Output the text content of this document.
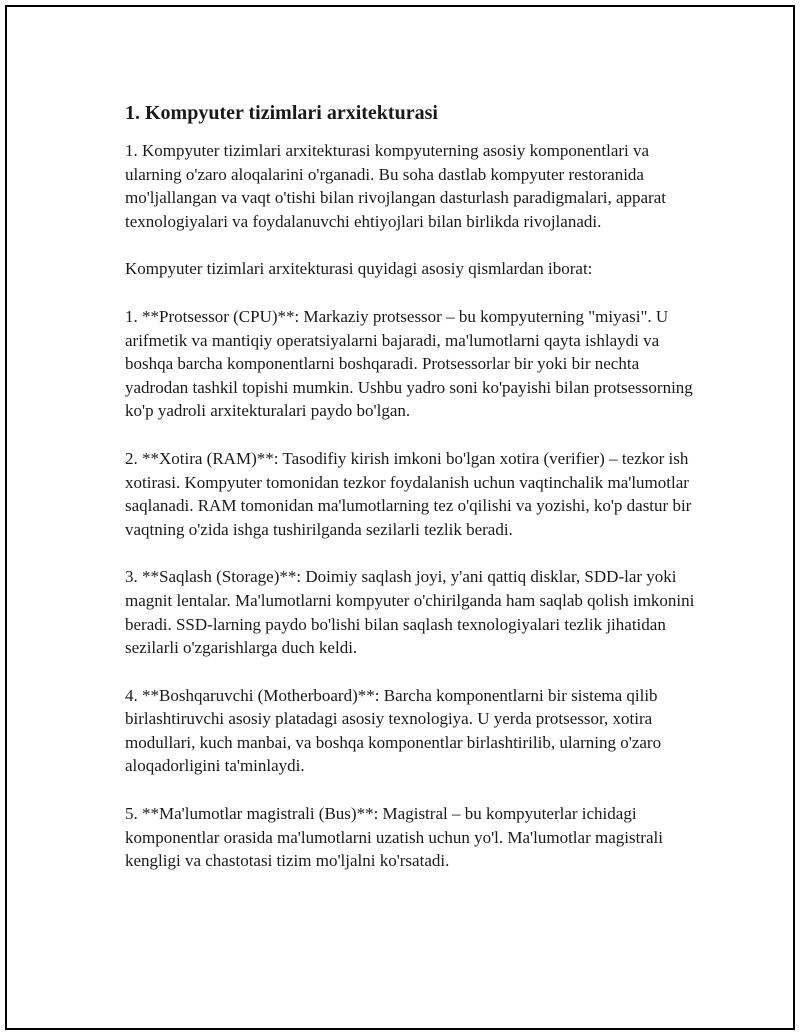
1. Kompyuter tizimlari arxitekturasi

1. Kompyuter tizimlari arxitekturasi kompyuterning asosiy komponentlari va ularning o'zaro aloqalarini o'rganadi. Bu soha dastlab kompyuter restoranida mo'ljallangan va vaqt o'tishi bilan rivojlangan dasturlash paradigmalari, apparat texnologiyalari va foydalanuvchi ehtiyojlari bilan birlikda rivojlanadi.

Kompyuter tizimlari arxitekturasi quyidagi asosiy qismlardan iborat:

1. **Protsessor (CPU)**: Markaziy protsessor – bu kompyuterning "miyasi". U arifmetik va mantiqiy operatsiyalarni bajaradi, ma'lumotlarni qayta ishlaydi va boshqa barcha komponentlarni boshqaradi. Protsessorlar bir yoki bir nechta yadrodan tashkil topishi mumkin. Ushbu yadro soni ko'payishi bilan protsessorning ko'p yadroli arxitekturalari paydo bo'lgan.

2. **Xotira (RAM)**: Tasodifiy kirish imkoni bo'lgan xotira (verifier) – tezkor ish xotirasi. Kompyuter tomonidan tezkor foydalanish uchun vaqtinchalik ma'lumotlar saqlanadi. RAM tomonidan ma'lumotlarning tez o'qilishi va yozishi, ko'p dastur bir vaqtning o'zida ishga tushirilganda sezilarli tezlik beradi.

3. **Saqlash (Storage)**: Doimiy saqlash joyi, y'ani qattiq disklar, SDD-lar yoki magnit lentalar. Ma'lumotlarni kompyuter o'chirilganda ham saqlab qolish imkonini beradi. SSD-larning paydo bo'lishi bilan saqlash texnologiyalari tezlik jihatidan sezilarli o'zgarishlarga duch keldi.

4. **Boshqaruvchi (Motherboard)**: Barcha komponentlarni bir sistema qilib birlashtiruvchi asosiy platadagi asosiy texnologiya. U yerda protsessor, xotira modullari, kuch manbai, va boshqa komponentlar birlashtirilib, ularning o'zaro aloqadorligini ta'minlaydi.

5. **Ma'lumotlar magistrali (Bus)**: Magistral – bu kompyuterlar ichidagi komponentlar orasida ma'lumotlarni uzatish uchun yo'l. Ma'lumotlar magistrali kengligi va chastotasi tizim mo'ljalni ko'rsatadi.
